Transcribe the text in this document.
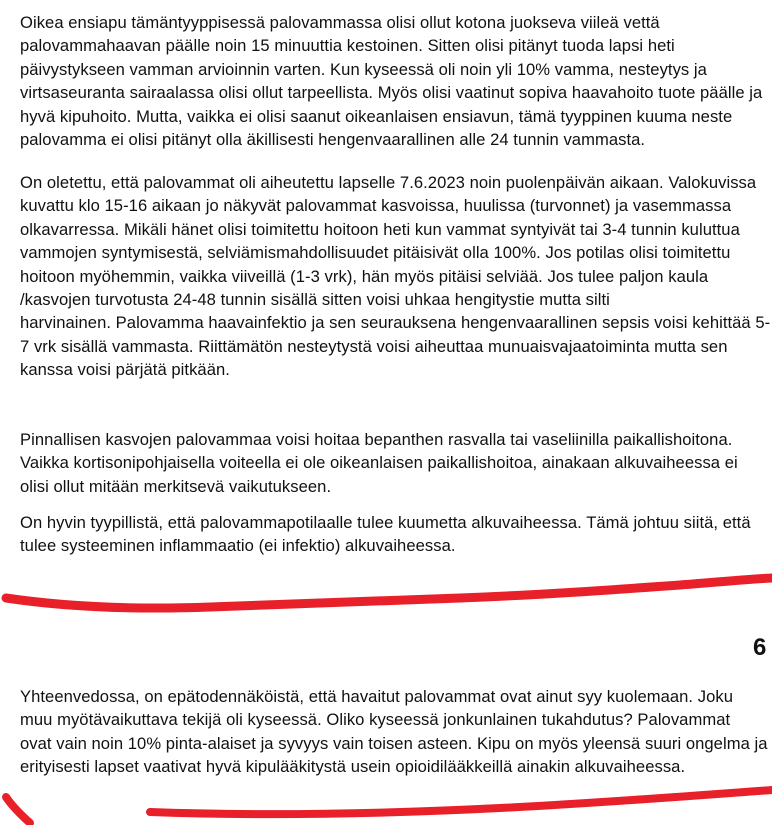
Oikea ensiapu tämäntyyppisessä palovammassa olisi ollut kotona juokseva viileä vettä
palovammahaavan päälle noin 15 minuuttia kestoinen. Sitten olisi pitänyt tuoda lapsi heti
päivystykseen vamman arvioinnin varten. Kun kyseessä oli noin yli 10% vamma, nesteytys ja
virtsaseuranta sairaalassa olisi ollut tarpeellista. Myös olisi vaatinut sopiva haavahoito tuote päälle ja
hyvä kipuhoito. Mutta, vaikka ei olisi saanut oikeanlaisen ensiavun, tämä tyyppinen kuuma neste
palovamma ei olisi pitänyt olla äkillisesti hengenvaarallinen alle 24 tunnin vammasta.
On oletettu, että palovammat oli aiheutettu lapselle 7.6.2023 noin puolenpäivän aikaan. Valokuvissa
kuvattu klo 15-16 aikaan jo näkyvät palovammat kasvoissa, huulissa (turvonnet) ja vasemmassa
olkavarressa. Mikäli hänet olisi toimitettu hoitoon heti kun vammat syntyivät tai 3-4 tunnin kuluttua
vammojen syntymisestä, selviämismahdollisuudet pitäisivät olla 100%. Jos potilas olisi toimitettu
hoitoon myöhemmin, vaikka viiveillä (1-3 vrk), hän myös pitäisi selviää. Jos tulee paljon kaula
/kasvojen turvotusta 24-48 tunnin sisällä sitten voisi uhkaa hengitystie mutta silti
harvinainen. Palovamma haavainfektio ja sen seurauksena hengenvaarallinen sepsis voisi kehittää 5-
7 vrk sisällä vammasta. Riittämätön nesteytystä voisi aiheuttaa munuaisvajaatoiminta mutta sen
kanssa voisi pärjätä pitkään.
Pinnallisen kasvojen palovammaa voisi hoitaa bepanthen rasvalla tai vaseliinilla paikallishoitona.
Vaikka kortisonipohjaisella voiteella ei ole oikeanlaisen paikallishoitoa, ainakaan alkuvaiheessa ei
olisi ollut mitään merkitsevä vaikutukseen.
On hyvin tyypillistä, että palovammapotilaalle tulee kuumetta alkuvaiheessa. Tämä johtuu siitä, että
tulee systeeminen inflammaatio (ei infektio) alkuvaiheessa.
6
Yhteenvedossa, on epätodennäköistä, että havaitut palovammat ovat ainut syy kuolemaan. Joku
muu myötävaikuttava tekijä oli kyseessä. Oliko kyseessä jonkunlainen tukahdutus? Palovammat
ovat vain noin 10% pinta-alaiset ja syvyys vain toisen asteen. Kipu on myös yleensä suuri ongelma ja
erityisesti lapset vaativat hyvä kipulääkitystä usein opioidilääkkeillä ainakin alkuvaiheessa.
